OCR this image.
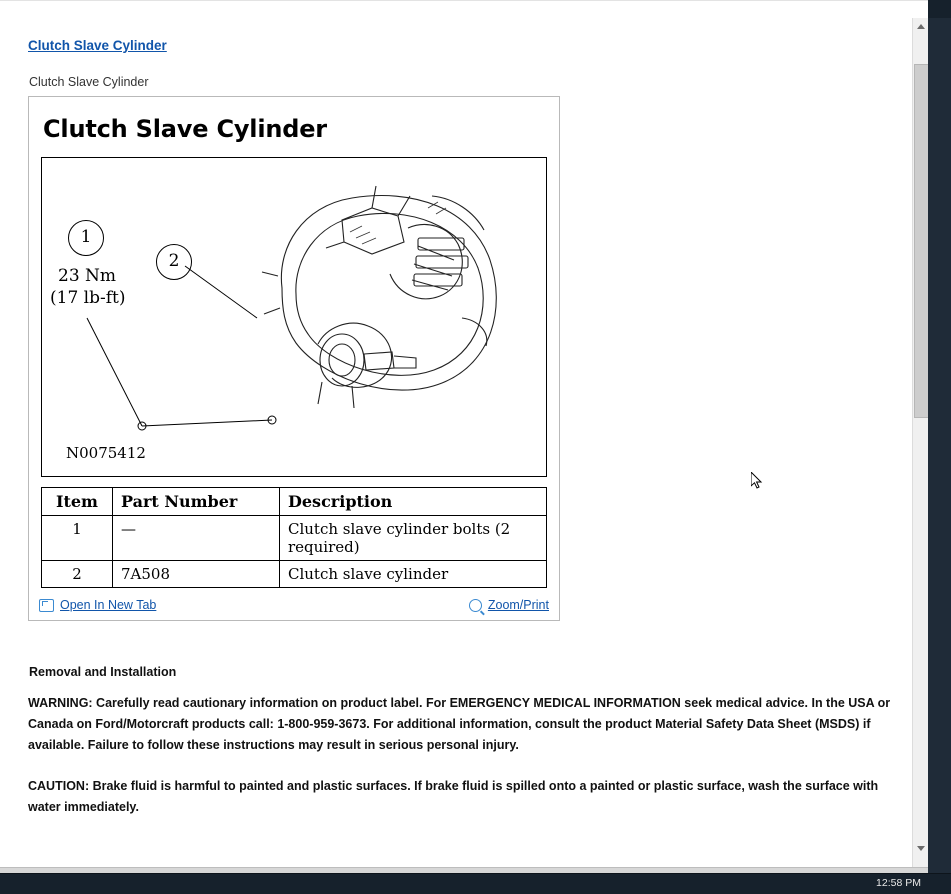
Clutch Slave Cylinder
Clutch Slave Cylinder
Clutch Slave Cylinder
1
23 Nm
(17 lb-ft)
2
N0075412
Item	Part Number	Description
1	—	Clutch slave cylinder bolts (2 required)
2	7A508	Clutch slave cylinder
Open In New Tab	Zoom/Print
Removal and Installation
WARNING: Carefully read cautionary information on product label. For EMERGENCY MEDICAL INFORMATION seek medical advice. In the USA or Canada on Ford/Motorcraft products call: 1-800-959-3673. For additional information, consult the product Material Safety Data Sheet (MSDS) if available. Failure to follow these instructions may result in serious personal injury.
CAUTION: Brake fluid is harmful to painted and plastic surfaces. If brake fluid is spilled onto a painted or plastic surface, wash the surface with water immediately.
12:58 PM
